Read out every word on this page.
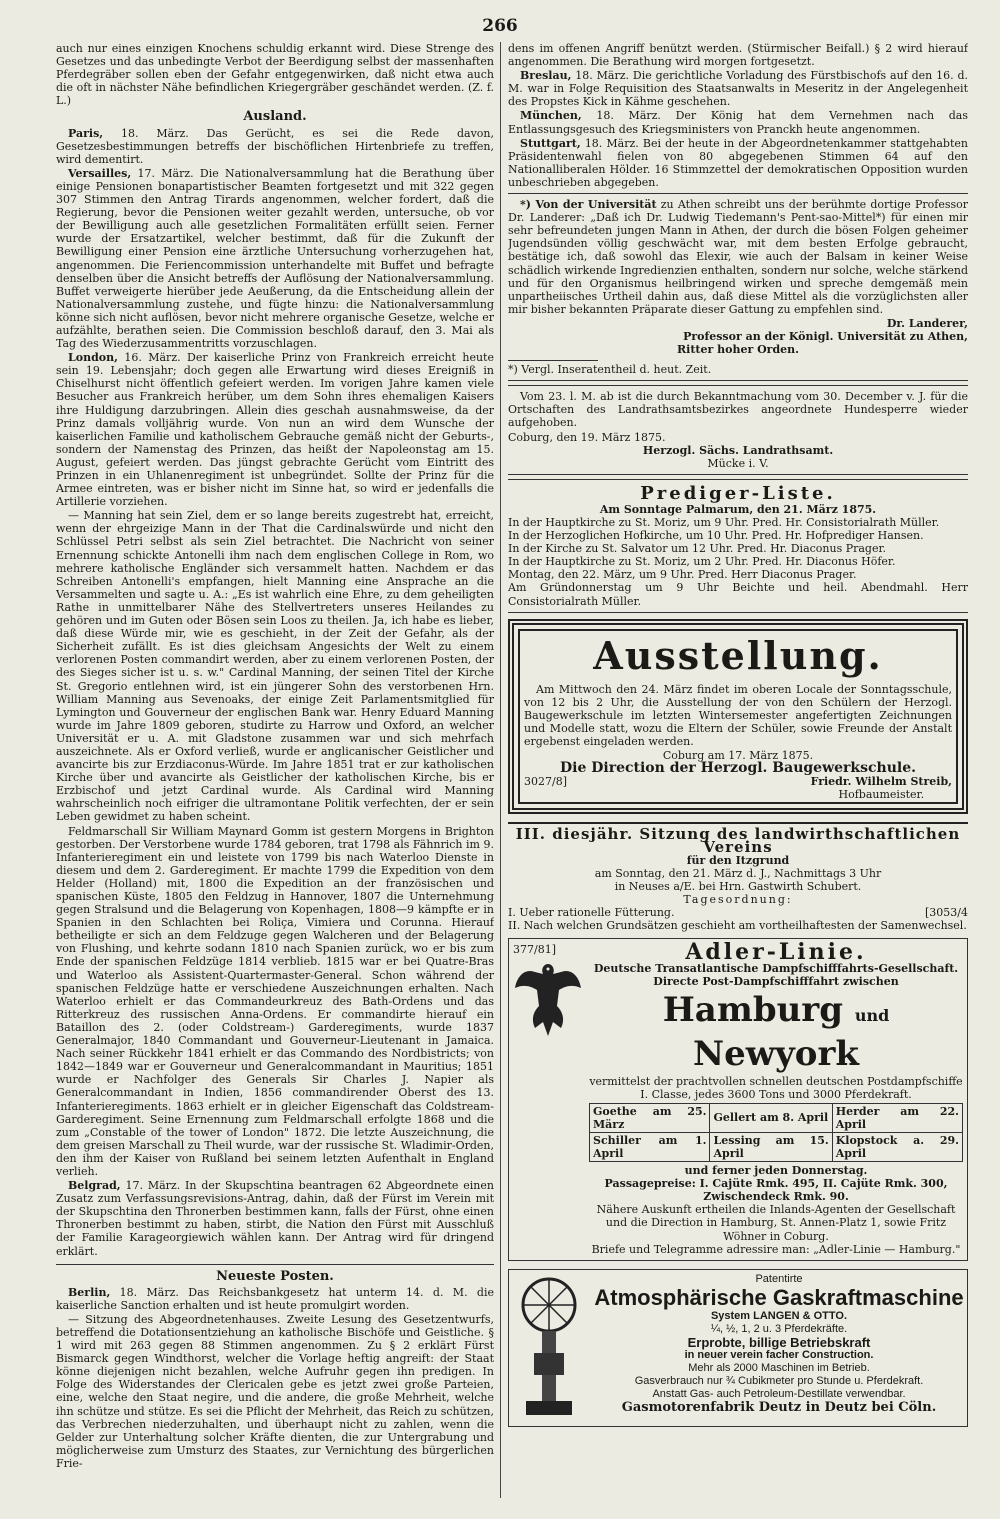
266

auch nur eines einzigen Knochens schuldig erkannt wird. Diese Strenge des Gesetzes und das unbedingte Verbot der Beerdigung selbst der massenhaften Pferdegräber sollen eben der Gefahr entgegenwirken, daß nicht etwa auch die oft in nächster Nähe befindlichen Kriegergräber geschändet werden. (Z. f. L.)

Ausland.

Paris, 18. März. Das Gerücht, es sei die Rede davon, Gesetzesbestimmungen betreffs der bischöflichen Hirtenbriefe zu treffen, wird dementirt.

Versailles, 17. März. Die Nationalversammlung hat die Berathung über einige Pensionen bonapartistischer Beamten fortgesetzt und mit 322 gegen 307 Stimmen den Antrag Tirards angenommen, welcher fordert, daß die Regierung, bevor die Pensionen weiter gezahlt werden, untersuche, ob vor der Bewilligung auch alle gesetzlichen Formalitäten erfüllt seien. Ferner wurde der Ersatzartikel, welcher bestimmt, daß für die Zukunft der Bewilligung einer Pension eine ärztliche Untersuchung vorherzugehen hat, angenommen. Die Feriencommission unterhandelte mit Buffet und befragte denselben über die Ansicht betreffs der Auflösung der Nationalversammlung. Buffet verweigerte hierüber jede Aeußerung, da die Entscheidung allein der Nationalversammlung zustehe, und fügte hinzu: die Nationalversammlung könne sich nicht auflösen, bevor nicht mehrere organische Gesetze, welche er aufzählte, berathen seien. Die Commission beschloß darauf, den 3. Mai als Tag des Wiederzusammentritts vorzuschlagen.

London, 16. März. Der kaiserliche Prinz von Frankreich erreicht heute sein 19. Lebensjahr; doch gegen alle Erwartung wird dieses Ereigniß in Chiselhurst nicht öffentlich gefeiert werden. Im vorigen Jahre kamen viele Besucher aus Frankreich herüber, um dem Sohn ihres ehemaligen Kaisers ihre Huldigung darzubringen. Allein dies geschah ausnahmsweise, da der Prinz damals volljährig wurde. Von nun an wird dem Wunsche der kaiserlichen Familie und katholischem Gebrauche gemäß nicht der Geburts-, sondern der Namenstag des Prinzen, das heißt der Napoleonstag am 15. August, gefeiert werden. Das jüngst gebrachte Gerücht vom Eintritt des Prinzen in ein Uhlanenregiment ist unbegründet. Sollte der Prinz für die Armee eintreten, was er bisher nicht im Sinne hat, so wird er jedenfalls die Artillerie vorziehen.

— Manning hat sein Ziel, dem er so lange bereits zugestrebt hat, erreicht, wenn der ehrgeizige Mann in der That die Cardinalswürde und nicht den Schlüssel Petri selbst als sein Ziel betrachtet. Die Nachricht von seiner Ernennung schickte Antonelli ihm nach dem englischen College in Rom, wo mehrere katholische Engländer sich versammelt hatten. Nachdem er das Schreiben Antonelli's empfangen, hielt Manning eine Ansprache an die Versammelten und sagte u. A.: „Es ist wahrlich eine Ehre, zu dem geheiligten Rathe in unmittelbarer Nähe des Stellvertreters unseres Heilandes zu gehören und im Guten oder Bösen sein Loos zu theilen. Ja, ich habe es lieber, daß diese Würde mir, wie es geschieht, in der Zeit der Gefahr, als der Sicherheit zufällt. Es ist dies gleichsam Angesichts der Welt zu einem verlorenen Posten commandirt werden, aber zu einem verlorenen Posten, der des Sieges sicher ist u. s. w." Cardinal Manning, der seinen Titel der Kirche St. Gregorio entlehnen wird, ist ein jüngerer Sohn des verstorbenen Hrn. William Manning aus Sevenoaks, der einige Zeit Parlamentsmitglied für Lymington und Gouverneur der englischen Bank war. Henry Eduard Manning wurde im Jahre 1809 geboren, studirte zu Harrow und Oxford, an welcher Universität er u. A. mit Gladstone zusammen war und sich mehrfach auszeichnete. Als er Oxford verließ, wurde er anglicanischer Geistlicher und avancirte bis zur Erzdiaconus-Würde. Im Jahre 1851 trat er zur katholischen Kirche über und avancirte als Geistlicher der katholischen Kirche, bis er Erzbischof und jetzt Cardinal wurde. Als Cardinal wird Manning wahrscheinlich noch eifriger die ultramontane Politik verfechten, der er sein Leben gewidmet zu haben scheint.

Feldmarschall Sir William Maynard Gomm ist gestern Morgens in Brighton gestorben. Der Verstorbene wurde 1784 geboren, trat 1798 als Fähnrich im 9. Infanterieregiment ein und leistete von 1799 bis nach Waterloo Dienste in diesem und dem 2. Garderegiment. Er machte 1799 die Expedition von dem Helder (Holland) mit, 1800 die Expedition an der französischen und spanischen Küste, 1805 den Feldzug in Hannover, 1807 die Unternehmung gegen Stralsund und die Belagerung von Kopenhagen, 1808—9 kämpfte er in Spanien in den Schlachten bei Roliça, Vimiera und Corunna. Hierauf betheiligte er sich an dem Feldzuge gegen Walcheren und der Belagerung von Flushing, und kehrte sodann 1810 nach Spanien zurück, wo er bis zum Ende der spanischen Feldzüge 1814 verblieb. 1815 war er bei Quatre-Bras und Waterloo als Assistent-Quartermaster-General. Schon während der spanischen Feldzüge hatte er verschiedene Auszeichnungen erhalten. Nach Waterloo erhielt er das Commandeurkreuz des Bath-Ordens und das Ritterkreuz des russischen Anna-Ordens. Er commandirte hierauf ein Bataillon des 2. (oder Coldstream-) Garderegiments, wurde 1837 Generalmajor, 1840 Commandant und Gouverneur-Lieutenant in Jamaica. Nach seiner Rückkehr 1841 erhielt er das Commando des Nordbistricts; von 1842—1849 war er Gouverneur und Generalcommandant in Mauritius; 1851 wurde er Nachfolger des Generals Sir Charles J. Napier als Generalcommandant in Indien, 1856 commandirender Oberst des 13. Infanterieregiments. 1863 erhielt er in gleicher Eigenschaft das Coldstream-Garderegiment. Seine Ernennung zum Feldmarschall erfolgte 1868 und die zum „Constable of the tower of London" 1872. Die letzte Auszeichnung, die dem greisen Marschall zu Theil wurde, war der russische St. Wladimir-Orden, den ihm der Kaiser von Rußland bei seinem letzten Aufenthalt in England verlieh.

Belgrad, 17. März. In der Skupschtina beantragen 62 Abgeordnete einen Zusatz zum Verfassungsrevisions-Antrag, dahin, daß der Fürst im Verein mit der Skupschtina den Thronerben bestimmen kann, falls der Fürst, ohne einen Thronerben bestimmt zu haben, stirbt, die Nation den Fürst mit Ausschluß der Familie Karageorgiewich wählen kann. Der Antrag wird für dringend erklärt.

Neueste Posten.

Berlin, 18. März. Das Reichsbankgesetz hat unterm 14. d. M. die kaiserliche Sanction erhalten und ist heute promulgirt worden.

— Sitzung des Abgeordnetenhauses. Zweite Lesung des Gesetzentwurfs, betreffend die Dotationsentziehung an katholische Bischöfe und Geistliche. § 1 wird mit 263 gegen 88 Stimmen angenommen. Zu § 2 erklärt Fürst Bismarck gegen Windthorst, welcher die Vorlage heftig angreift: der Staat könne diejenigen nicht bezahlen, welche Aufruhr gegen ihn predigen. In Folge des Widerstandes der Clericalen gebe es jetzt zwei große Parteien, eine, welche den Staat negire, und die andere, die große Mehrheit, welche ihn schütze und stütze. Es sei die Pflicht der Mehrheit, das Reich zu schützen, das Verbrechen niederzuhalten, und überhaupt nicht zu zahlen, wenn die Gelder zur Unterhaltung solcher Kräfte dienten, die zur Untergrabung und möglicherweise zum Umsturz des Staates, zur Vernichtung des bürgerlichen Frie-

dens im offenen Angriff benützt werden. (Stürmischer Beifall.) § 2 wird hierauf angenommen. Die Berathung wird morgen fortgesetzt.

Breslau, 18. März. Die gerichtliche Vorladung des Fürstbischofs auf den 16. d. M. war in Folge Requisition des Staatsanwalts in Meseritz in der Angelegenheit des Propstes Kick in Kähme geschehen.

München, 18. März. Der König hat dem Vernehmen nach das Entlassungsgesuch des Kriegsministers von Pranckh heute angenommen.

Stuttgart, 18. März. Bei der heute in der Abgeordnetenkammer stattgehabten Präsidentenwahl fielen von 80 abgegebenen Stimmen 64 auf den Nationalliberalen Hölder. 16 Stimmzettel der demokratischen Opposition wurden unbeschrieben abgegeben.

*) Von der Universität zu Athen schreibt uns der berühmte dortige Professor Dr. Landerer: „Daß ich Dr. Ludwig Tiedemann's Pent-sao-Mittel*) für einen mir sehr befreundeten jungen Mann in Athen, der durch die bösen Folgen geheimer Jugendsünden völlig geschwächt war, mit dem besten Erfolge gebraucht, bestätige ich, daß sowohl das Elexir, wie auch der Balsam in keiner Weise schädlich wirkende Ingredienzien enthalten, sondern nur solche, welche stärkend und für den Organismus heilbringend wirken und spreche demgemäß mein unpartheiisches Urtheil dahin aus, daß diese Mittel als die vorzüglichsten aller mir bisher bekannten Präparate dieser Gattung zu empfehlen sind.

Dr. Landerer,
Professor an der Königl. Universität zu Athen,
Ritter hoher Orden.
*) Vergl. Inseratentheil d. heut. Zeit.

Vom 23. l. M. ab ist die durch Bekanntmachung vom 30. December v. J. für die Ortschaften des Landrathsamtsbezirkes angeordnete Hundesperre wieder aufgehoben.

Coburg, den 19. März 1875.
Herzogl. Sächs. Landrathsamt.
Mücke i. V.
Prediger-Liste.
Am Sonntage Palmarum, den 21. März 1875.
In der Hauptkirche zu St. Moriz, um 9 Uhr. Pred. Hr. Consistorialrath Müller.
In der Herzoglichen Hofkirche, um 10 Uhr. Pred. Hr. Hofprediger Hansen.
In der Kirche zu St. Salvator um 12 Uhr. Pred. Hr. Diaconus Prager.
In der Hauptkirche zu St. Moriz, um 2 Uhr. Pred. Hr. Diaconus Höfer.
Montag, den 22. März, um 9 Uhr. Pred. Herr Diaconus Prager.
Am Gründonnerstag um 9 Uhr Beichte und heil. Abendmahl. Herr Consistorialrath Müller.
Ausstellung.

Am Mittwoch den 24. März findet im oberen Locale der Sonntagsschule, von 12 bis 2 Uhr, die Ausstellung der von den Schülern der Herzogl. Baugewerkschule im letzten Wintersemester angefertigten Zeichnungen und Modelle statt, wozu die Eltern der Schüler, sowie Freunde der Anstalt ergebenst eingeladen werden.

Coburg am 17. März 1875.
Die Direction der Herzogl. Baugewerkschule.
3027/8]	Friedr. Wilhelm Streib,
Hofbaumeister.
III. diesjähr. Sitzung des landwirthschaftlichen Vereins
für den Itzgrund
am Sonntag, den 21. März d. J., Nachmittags 3 Uhr
in Neuses a/E. bei Hrn. Gastwirth Schubert.
Tagesordnung:
I. Ueber rationelle Fütterung.	[3053/4
II. Nach welchen Grundsätzen geschieht am vortheilhaftesten der Samenwechsel.
377/81]	Adler-Linie.
Deutsche Transatlantische Dampfschifffahrts-Gesellschaft.
Directe Post-Dampfschifffahrt zwischen
Hamburg und Newyork
vermittelst der prachtvollen schnellen deutschen Postdampfschiffe I. Classe, jedes 3600 Tons und 3000 Pferdekraft.
Goethe am 25. März	Gellert am 8. April	Herder am 22. April
Schiller am 1. April	Lessing am 15. April	Klopstock a. 29. April
und ferner jeden Donnerstag.
Passagepreise: I. Cajüte Rmk. 495, II. Cajüte Rmk. 300,
Zwischendeck Rmk. 90.
Nähere Auskunft ertheilen die Inlands-Agenten der Gesellschaft und die Direction in Hamburg, St. Annen-Platz 1, sowie Fritz Wöhner in Coburg.
Briefe und Telegramme adressire man: „Adler-Linie — Hamburg."
Patentirte
Atmosphärische Gaskraftmaschine
System LANGEN & OTTO.
¼, ½, 1, 2 u. 3 Pferdekräfte.
Erprobte, billige Betriebskraft
in neuer verein facher Construction.
Mehr als 2000 Maschinen im Betrieb.
Gasverbrauch nur ¾ Cubikmeter pro Stunde u. Pferdekraft.
Anstatt Gas- auch Petroleum-Destillate verwendbar.
Gasmotorenfabrik Deutz in Deutz bei Cöln.
